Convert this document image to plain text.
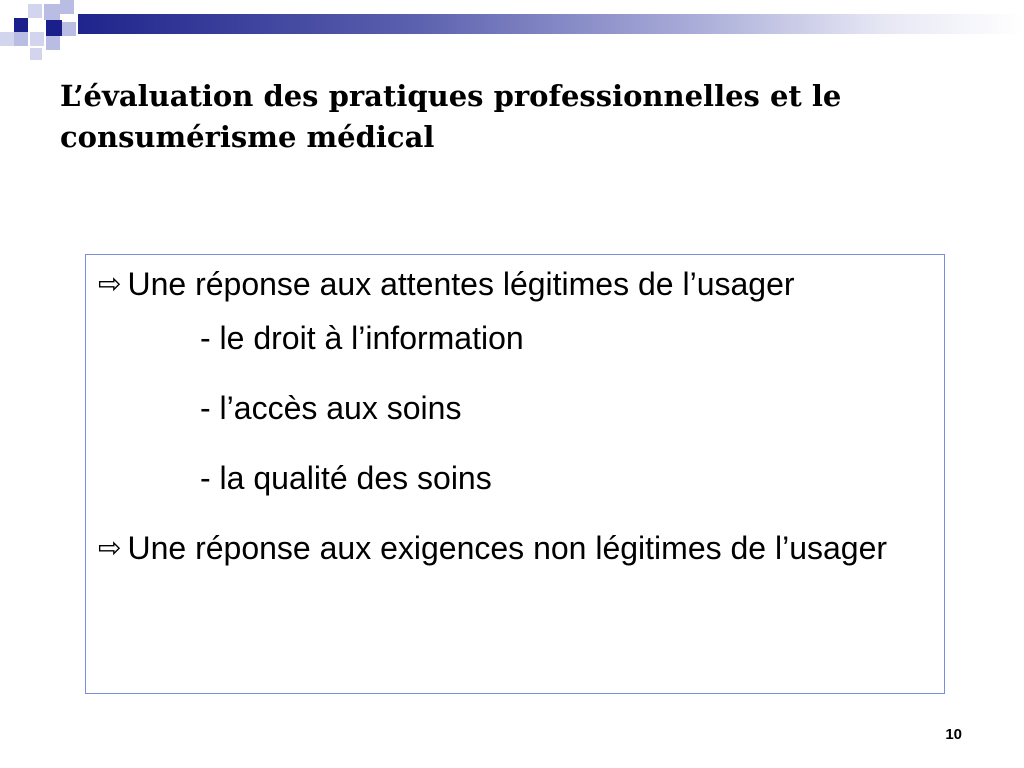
L’évaluation des pratiques professionnelles et le consumérisme médical

⇨ Une réponse aux attentes légitimes de l’usager

- le droit à l’information

- l’accès aux soins

- la qualité des soins

⇨ Une réponse aux exigences non légitimes de l’usager

10
